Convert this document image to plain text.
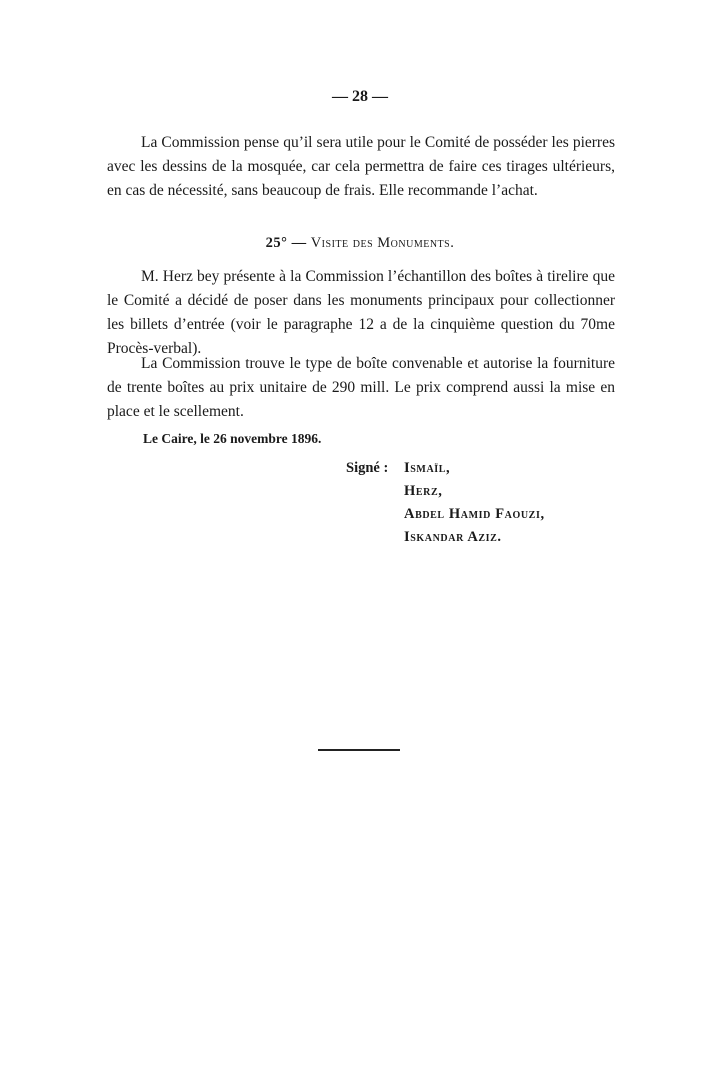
— 28 —

La Commission pense qu’il sera utile pour le Comité de posséder les pierres avec les dessins de la mosquée, car cela permettra de faire ces tirages ultérieurs, en cas de nécessité, sans beaucoup de frais. Elle recommande l’achat.

25° — Visite des Monuments.

M. Herz bey présente à la Commission l’échantillon des boîtes à tirelire que le Comité a décidé de poser dans les monuments principaux pour collectionner les billets d’entrée (voir le paragraphe 12 a de la cinquième question du 70me Procès-verbal).

La Commission trouve le type de boîte convenable et autorise la fourniture de trente boîtes au prix unitaire de 290 mill. Le prix comprend aussi la mise en place et le scellement.

Le Caire, le 26 novembre 1896.
Signé : Ismaïl,
Herz,
Abdel Hamid Faouzi,
Iskandar Aziz.
